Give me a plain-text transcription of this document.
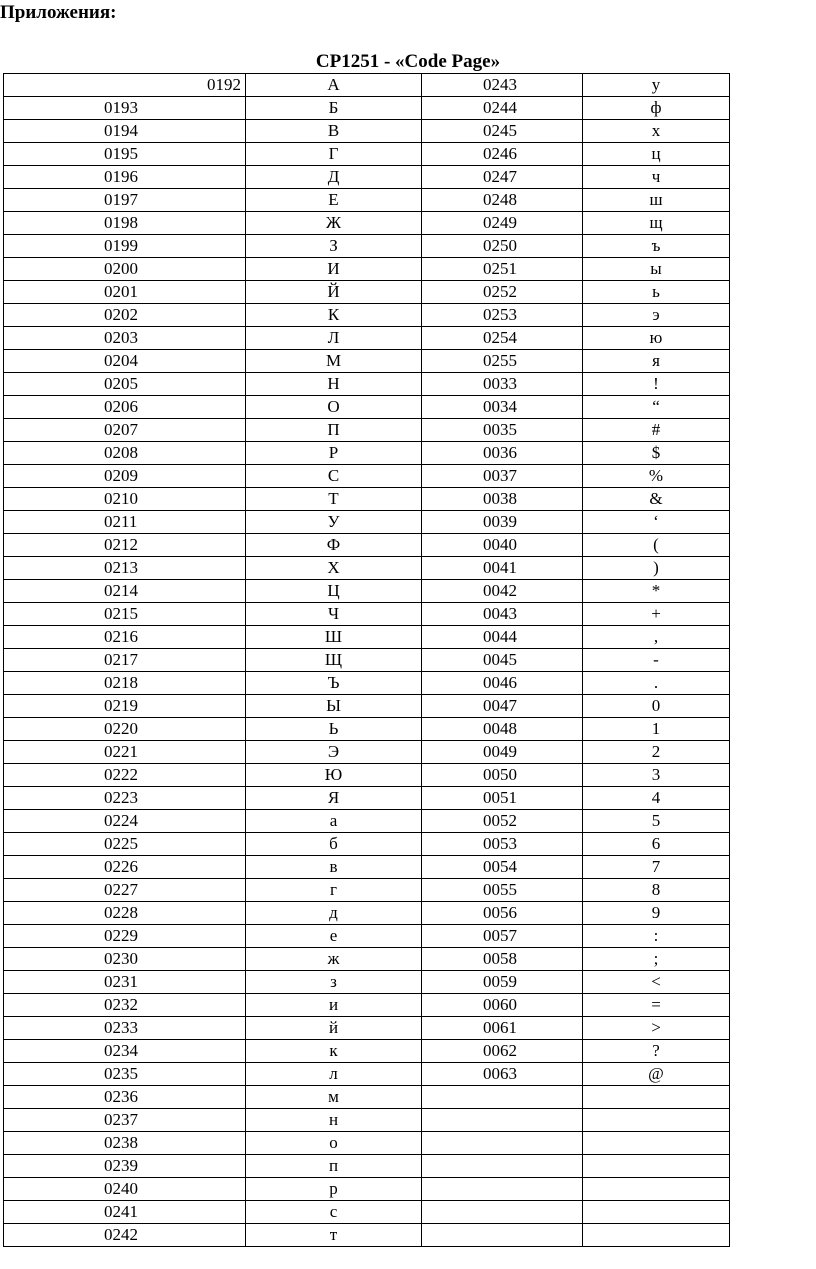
Приложения:
CP1251 - «Code Page»
0192	А	0243	у
0193	Б	0244	ф
0194	В	0245	х
0195	Г	0246	ц
0196	Д	0247	ч
0197	Е	0248	ш
0198	Ж	0249	щ
0199	З	0250	ъ
0200	И	0251	ы
0201	Й	0252	ь
0202	К	0253	э
0203	Л	0254	ю
0204	М	0255	я
0205	Н	0033	!
0206	О	0034	“
0207	П	0035	#
0208	Р	0036	$
0209	С	0037	%
0210	Т	0038	&
0211	У	0039	‘
0212	Ф	0040	(
0213	Х	0041	)
0214	Ц	0042	*
0215	Ч	0043	+
0216	Ш	0044	,
0217	Щ	0045	-
0218	Ъ	0046	.
0219	Ы	0047	0
0220	Ь	0048	1
0221	Э	0049	2
0222	Ю	0050	3
0223	Я	0051	4
0224	а	0052	5
0225	б	0053	6
0226	в	0054	7
0227	г	0055	8
0228	д	0056	9
0229	е	0057	:
0230	ж	0058	;
0231	з	0059	<
0232	и	0060	=
0233	й	0061	>
0234	к	0062	?
0235	л	0063	@
0236	м		
0237	н		
0238	о		
0239	п		
0240	р		
0241	с		
0242	т		
